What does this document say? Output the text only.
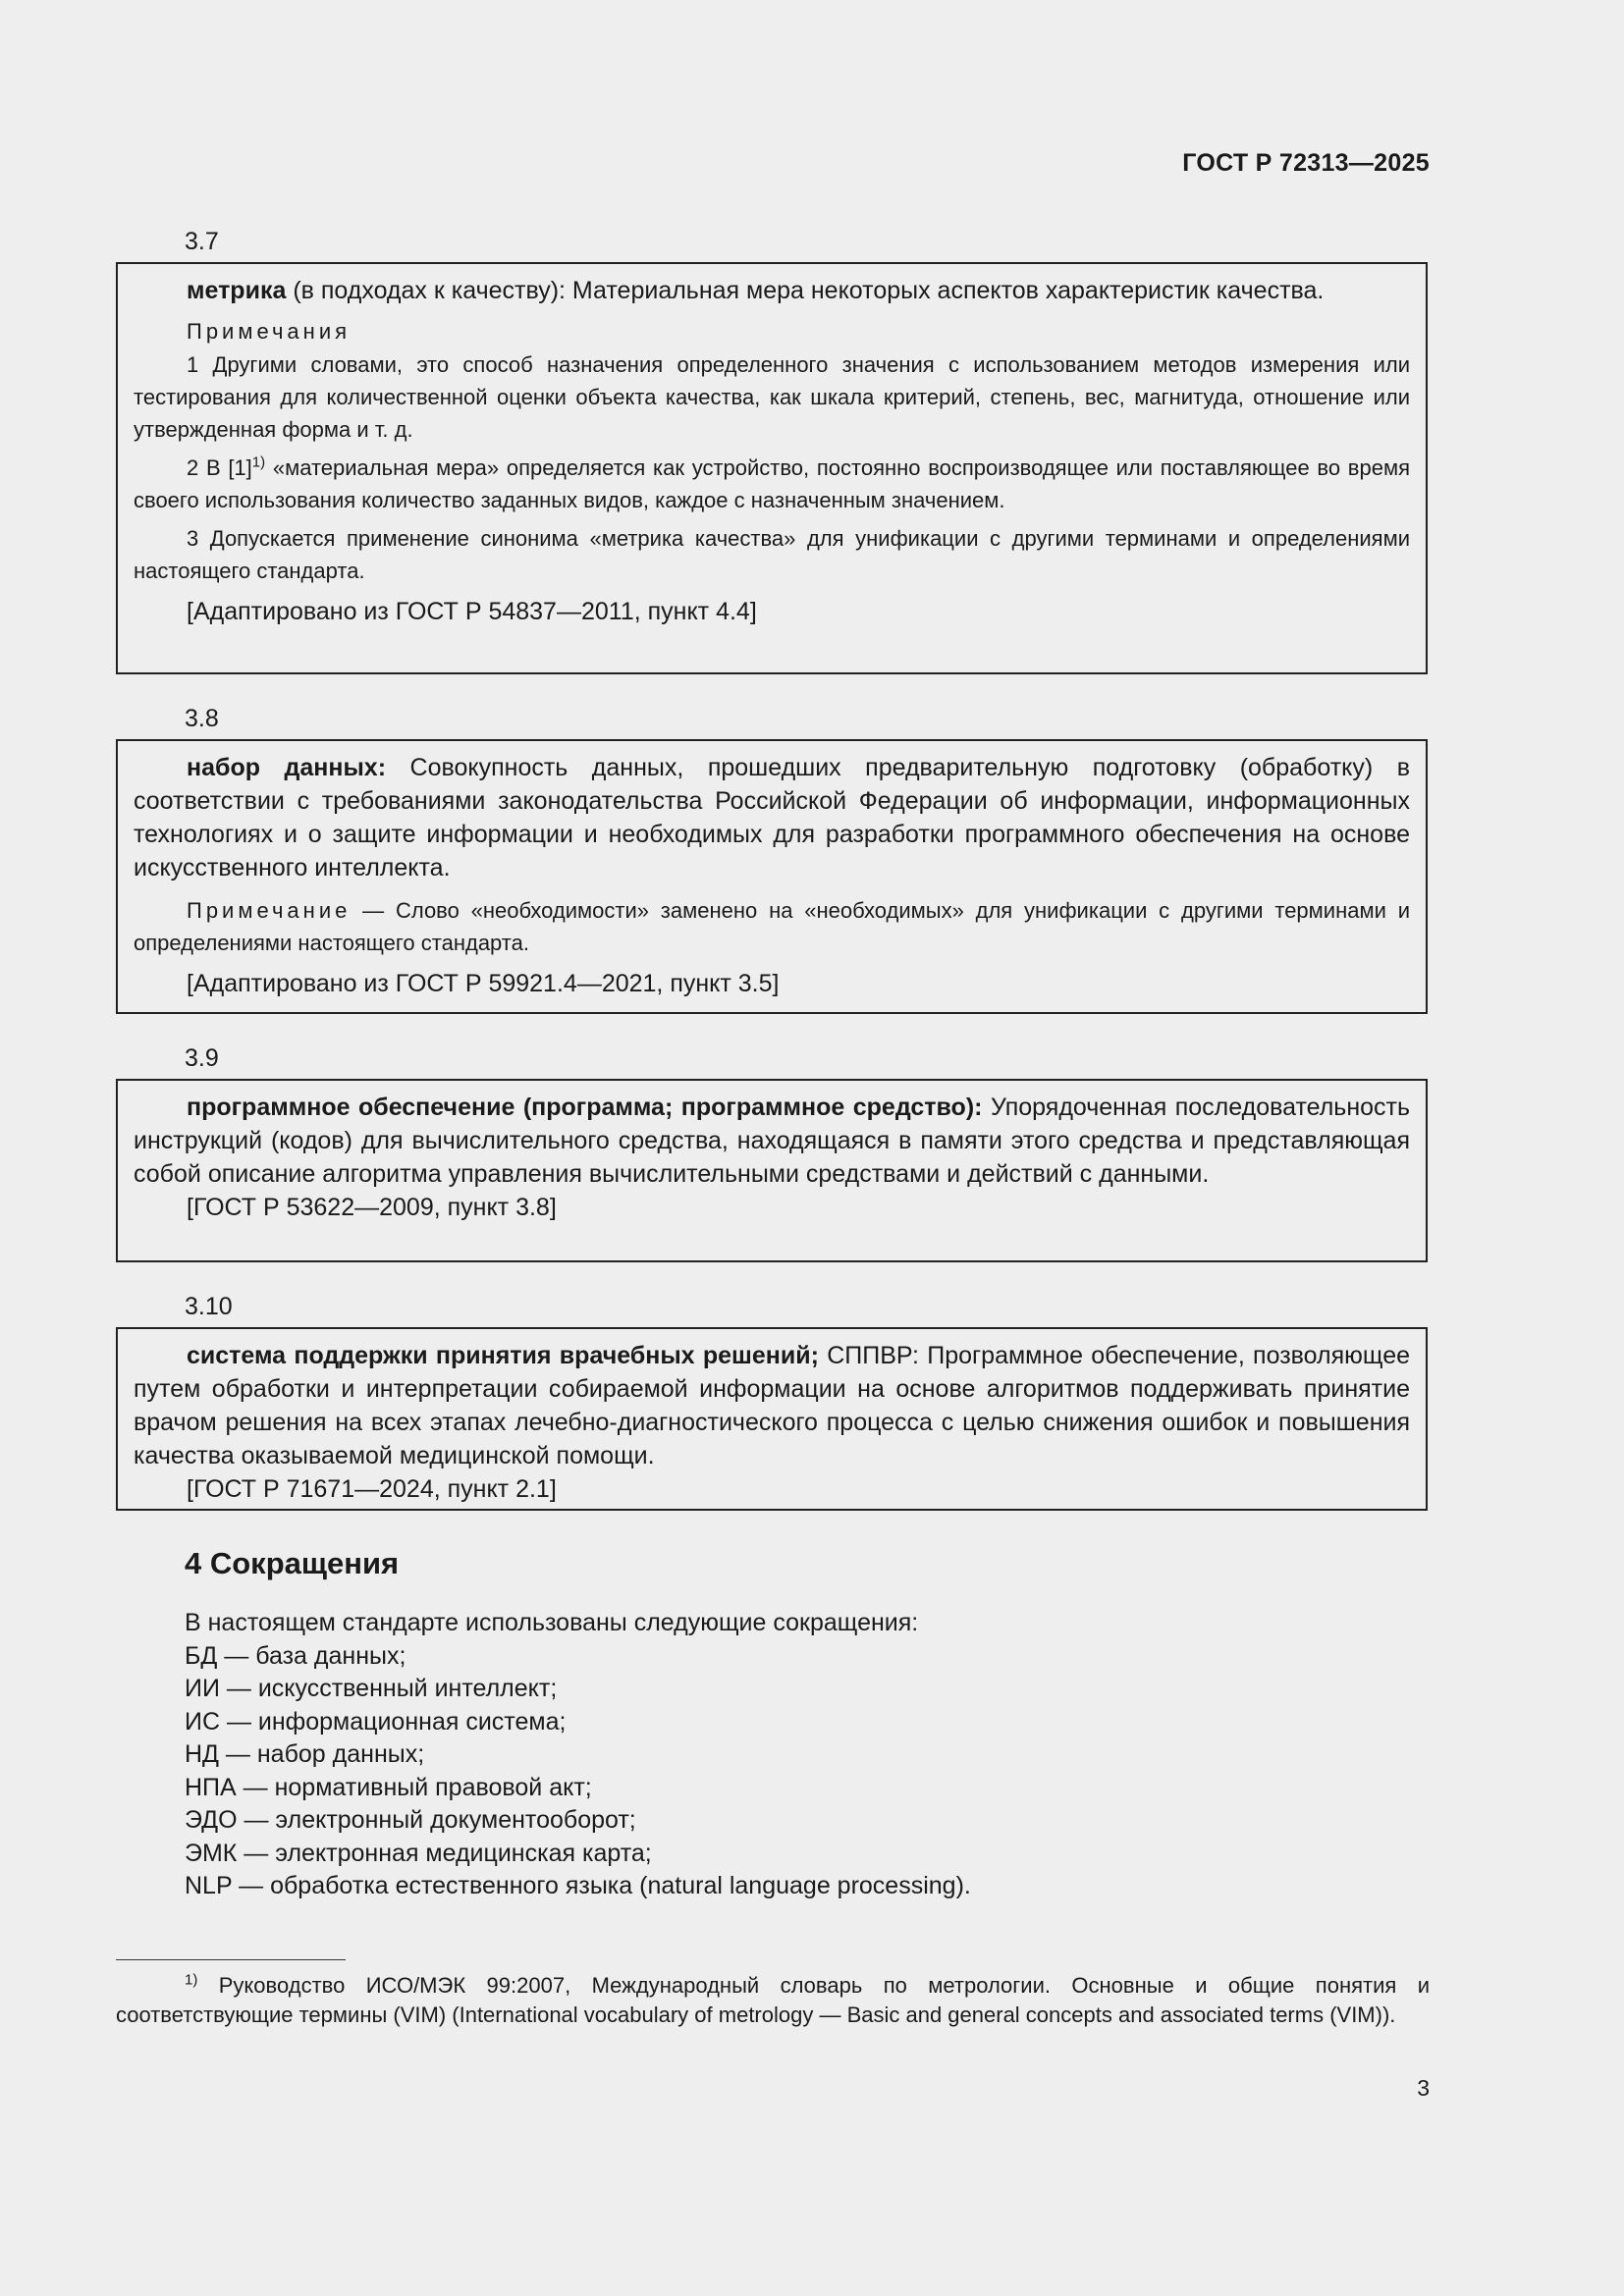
ГОСТ Р 72313—2025
3.7

метрика (в подходах к качеству): Материальная мера некоторых аспектов характеристик качества.

Примечания

1 Другими словами, это способ назначения определенного значения с использованием методов измерения или тестирования для количественной оценки объекта качества, как шкала критерий, степень, вес, магнитуда, отношение или утвержденная форма и т. д.

2 В $[1]^{1)}$ «материальная мера» определяется как устройство, постоянно воспроизводящее или поставляющее во время своего использования количество заданных видов, каждое с назначенным значением.

3 Допускается применение синонима «метрика качества» для унификации с другими терминами и определениями настоящего стандарта.

[Адаптировано из ГОСТ Р 54837—2011, пункт 4.4]
3.8

набор данных: Совокупность данных, прошедших предварительную подготовку (обработку) в соответствии с требованиями законодательства Российской Федерации об информации, информационных технологиях и о защите информации и необходимых для разработки программного обеспечения на основе искусственного интеллекта.

Примечание — Слово «необходимости» заменено на «необходимых» для унификации с другими терминами и определениями настоящего стандарта.

[Адаптировано из ГОСТ Р 59921.4—2021, пункт 3.5]
3.9

программное обеспечение (программа; программное средство): Упорядоченная последовательность инструкций (кодов) для вычислительного средства, находящаяся в памяти этого средства и представляющая собой описание алгоритма управления вычислительными средствами и действий с данными.

[ГОСТ Р 53622—2009, пункт 3.8]
3.10

система поддержки принятия врачебных решений; СППВР: Программное обеспечение, позволяющее путем обработки и интерпретации собираемой информации на основе алгоритмов поддерживать принятие врачом решения на всех этапах лечебно-диагностического процесса с целью снижения ошибок и повышения качества оказываемой медицинской помощи.

[ГОСТ Р 71671—2024, пункт 2.1]
4 Сокращения
В настоящем стандарте использованы следующие сокращения:
БД — база данных;
ИИ — искусственный интеллект;
ИС — информационная система;
НД — набор данных;
НПА — нормативный правовой акт;
ЭДО — электронный документооборот;
ЭМК — электронная медицинская карта;
NLP — обработка естественного языка (natural language processing).

$^{1)}$ Руководство ИСО/МЭК 99:2007, Международный словарь по метрологии. Основные и общие понятия и соответствующие термины (VIM) (International vocabulary of metrology — Basic and general concepts and associated terms (VIM)).

3
